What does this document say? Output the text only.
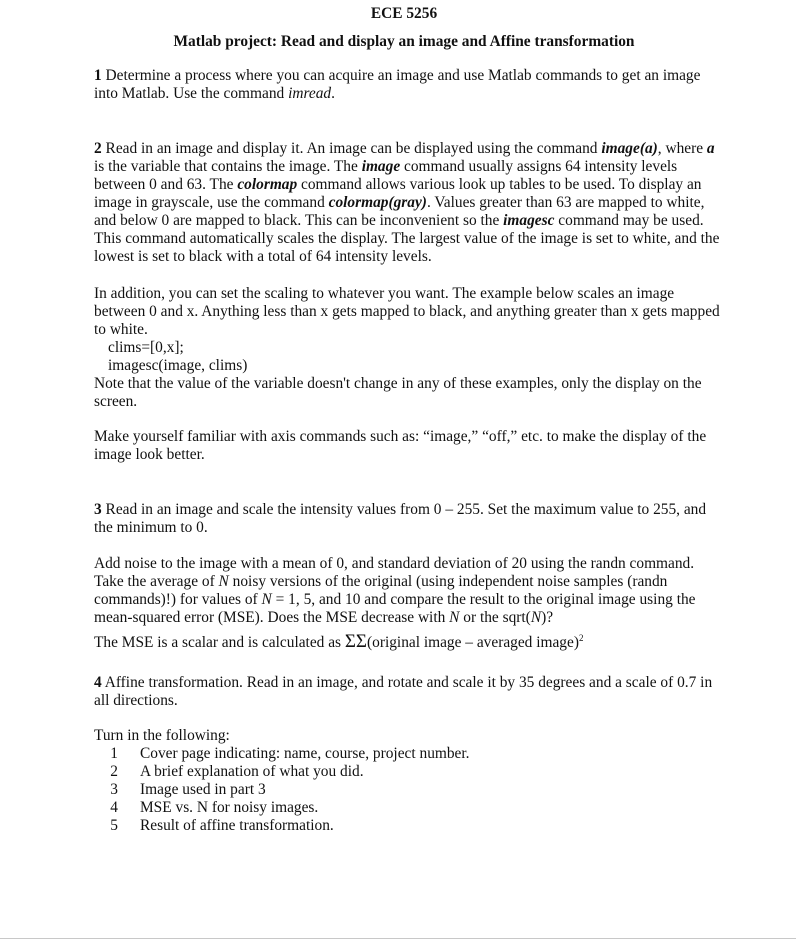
ECE 5256
Matlab project: Read and display an image and Affine transformation

1 Determine a process where you can acquire an image and use Matlab commands to get an image into Matlab. Use the command imread.

2 Read in an image and display it. An image can be displayed using the command image(a), where a is the variable that contains the image. The image command usually assigns 64 intensity levels between 0 and 63. The colormap command allows various look up tables to be used. To display an image in grayscale, use the command colormap(gray). Values greater than 63 are mapped to white, and below 0 are mapped to black. This can be inconvenient so the imagesc command may be used. This command automatically scales the display. The largest value of the image is set to white, and the lowest is set to black with a total of 64 intensity levels.

In addition, you can set the scaling to whatever you want. The example below scales an image between 0 and x. Anything less than x gets mapped to black, and anything greater than x gets mapped to white.

clims=[0,x];

imagesc(image, clims)

Note that the value of the variable doesn't change in any of these examples, only the display on the screen.

Make yourself familiar with axis commands such as: “image,” “off,” etc. to make the display of the image look better.

3 Read in an image and scale the intensity values from 0 – 255. Set the maximum value to 255, and the minimum to 0.

Add noise to the image with a mean of 0, and standard deviation of 20 using the randn command. Take the average of N noisy versions of the original (using independent noise samples (randn commands)!) for values of N = 1, 5, and 10 and compare the result to the original image using the mean-squared error (MSE). Does the MSE decrease with N or the sqrt(N)?

The MSE is a scalar and is calculated as ΣΣ(original image – averaged image)$^2$

4 Affine transformation. Read in an image, and rotate and scale it by 35 degrees and a scale of 0.7 in all directions.

Turn in the following:

1 Cover page indicating: name, course, project number.
2 A brief explanation of what you did.
3 Image used in part 3
4 MSE vs. N for noisy images.
5 Result of affine transformation.
